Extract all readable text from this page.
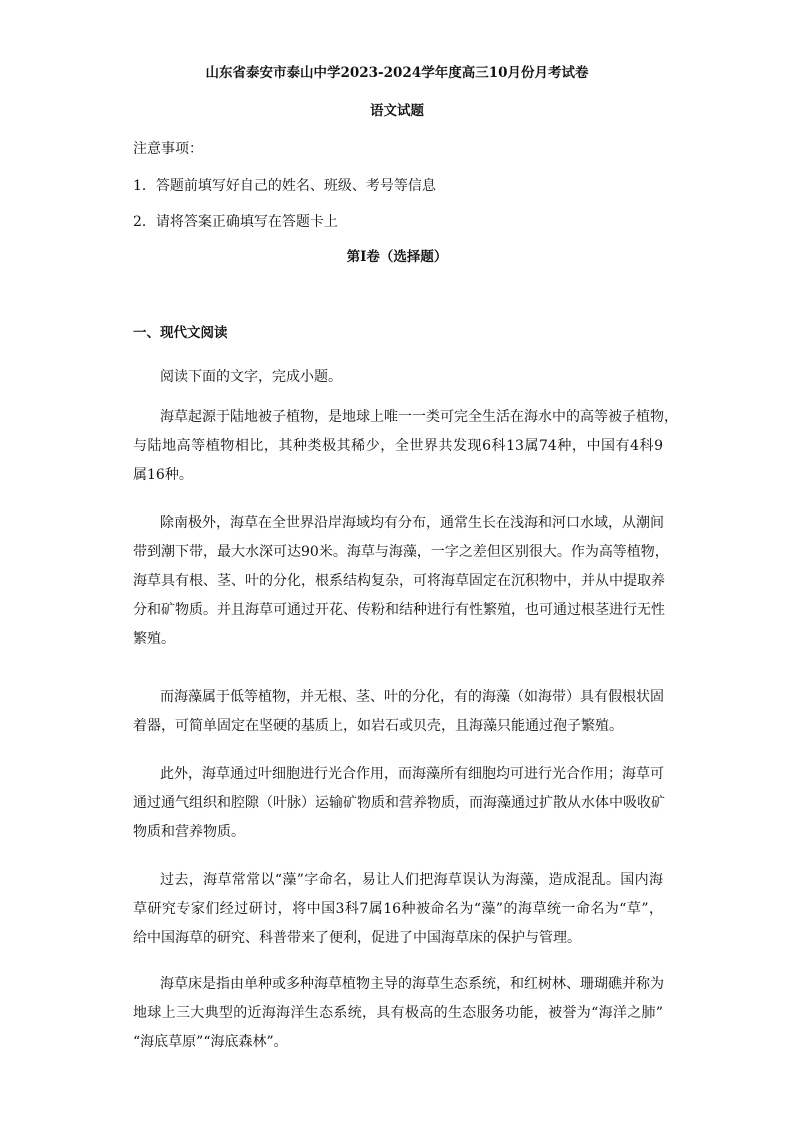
山东省泰安市泰山中学2023-2024学年度高三10月份月考试卷
语文试题
注意事项：
1．答题前填写好自己的姓名、班级、考号等信息
2．请将答案正确填写在答题卡上
第I卷（选择题）
一、现代文阅读
阅读下面的文字，完成小题。
海草起源于陆地被子植物，是地球上唯一一类可完全生活在海水中的高等被子植物，
与陆地高等植物相比，其种类极其稀少，全世界共发现6科13属74种，中国有4科9
属16种。
除南极外，海草在全世界沿岸海域均有分布，通常生长在浅海和河口水域，从潮间
带到潮下带，最大水深可达90米。海草与海藻，一字之差但区别很大。作为高等植物，
海草具有根、茎、叶的分化，根系结构复杂，可将海草固定在沉积物中，并从中提取养
分和矿物质。并且海草可通过开花、传粉和结种进行有性繁殖，也可通过根茎进行无性
繁殖。
而海藻属于低等植物，并无根、茎、叶的分化，有的海藻（如海带）具有假根状固
着器，可简单固定在坚硬的基质上，如岩石或贝壳，且海藻只能通过孢子繁殖。
此外，海草通过叶细胞进行光合作用，而海藻所有细胞均可进行光合作用；海草可
通过通气组织和腔隙（叶脉）运输矿物质和营养物质，而海藻通过扩散从水体中吸收矿
物质和营养物质。
过去，海草常常以“藻”字命名，易让人们把海草误认为海藻，造成混乱。国内海
草研究专家们经过研讨，将中国3科7属16种被命名为“藻”的海草统一命名为“草”，
给中国海草的研究、科普带来了便利，促进了中国海草床的保护与管理。
海草床是指由单种或多种海草植物主导的海草生态系统，和红树林、珊瑚礁并称为
地球上三大典型的近海海洋生态系统，具有极高的生态服务功能，被誉为“海洋之肺”
“海底草原”“海底森林”。
